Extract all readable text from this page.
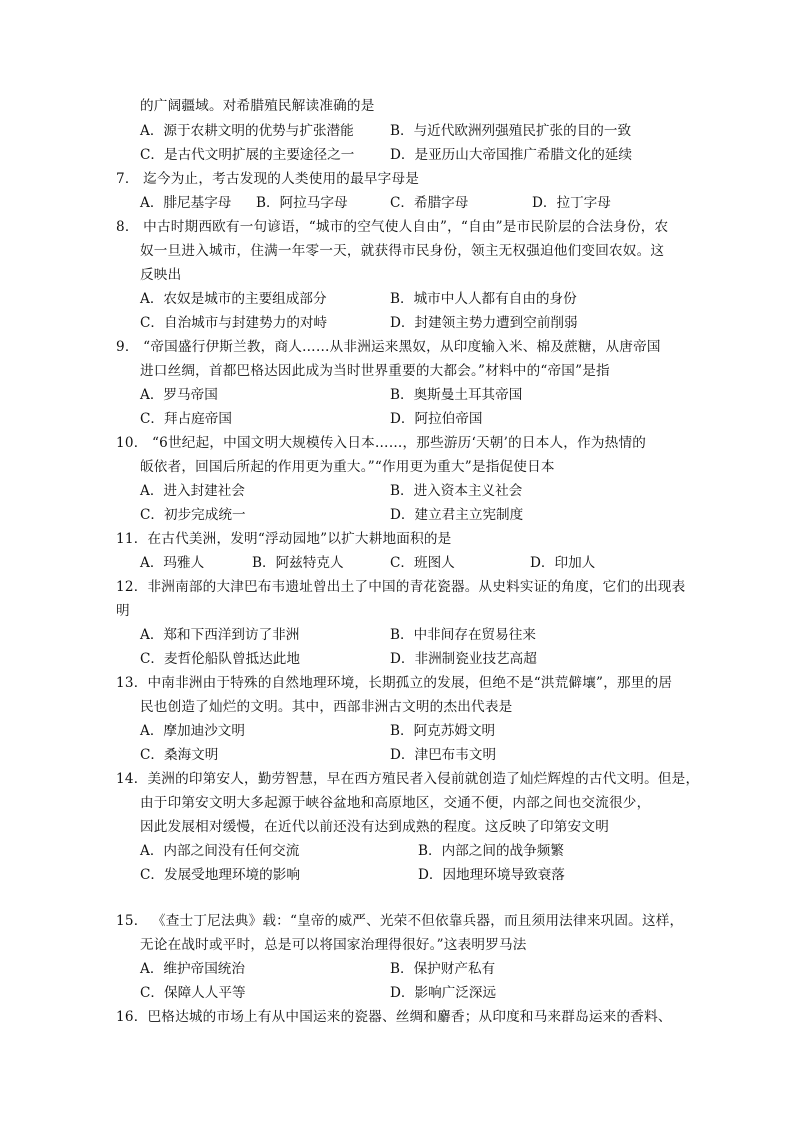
的广阔疆域。对希腊殖民解读准确的是
A．源于农耕文明的优势与扩张潜能	B．与近代欧洲列强殖民扩张的目的一致
C．是古代文明扩展的主要途径之一	D．是亚历山大帝国推广希腊文化的延续
7． 迄今为止，考古发现的人类使用的最早字母是
A．腓尼基字母 B．阿拉马字母	C．希腊字母	D．拉丁字母
8． 中古时期西欧有一句谚语，“城市的空气使人自由”，“自由”是市民阶层的合法身份，农
奴一旦进入城市，住满一年零一天，就获得市民身份，领主无权强迫他们变回农奴。这
反映出
A．农奴是城市的主要组成部分	B．城市中人人都有自由的身份
C．自治城市与封建势力的对峙	D．封建领主势力遭到空前削弱
9． “帝国盛行伊斯兰教，商人……从非洲运来黑奴，从印度输入米、棉及蔗糖，从唐帝国
进口丝绸，首都巴格达因此成为当时世界重要的大都会。”材料中的“帝国”是指
A．罗马帝国	B．奥斯曼土耳其帝国
C．拜占庭帝国	D．阿拉伯帝国
10． “6世纪起，中国文明大规模传入日本……，那些游历‘天朝’的日本人，作为热情的
皈依者，回国后所起的作用更为重大。”“作用更为重大”是指促使日本
A．进入封建社会	B．进入资本主义社会
C．初步完成统一	D．建立君主立宪制度
11．在古代美洲，发明“浮动园地”以扩大耕地面积的是
A．玛雅人	B．阿兹特克人	C．班图人	D．印加人
12．非洲南部的大津巴布韦遗址曾出土了中国的青花瓷器。从史料实证的角度，它们的出现表
明
A．郑和下西洋到访了非洲	B．中非间存在贸易往来
C．麦哲伦船队曾抵达此地	D．非洲制瓷业技艺高超
13．中南非洲由于特殊的自然地理环境，长期孤立的发展，但绝不是“洪荒僻壤”，那里的居
民也创造了灿烂的文明。其中，西部非洲古文明的杰出代表是
A．摩加迪沙文明	B．阿克苏姆文明
C．桑海文明	D．津巴布韦文明
14．美洲的印第安人，勤劳智慧，早在西方殖民者入侵前就创造了灿烂辉煌的古代文明。但是，
由于印第安文明大多起源于峡谷盆地和高原地区，交通不便，内部之间也交流很少，
因此发展相对缓慢，在近代以前还没有达到成熟的程度。这反映了印第安文明
A．内部之间没有任何交流	B．内部之间的战争频繁
C．发展受地理环境的影响	D．因地理环境导致衰落
15． 《查士丁尼法典》载：“皇帝的威严、光荣不但依靠兵器，而且须用法律来巩固。这样，
无论在战时或平时，总是可以将国家治理得很好。”这表明罗马法
A．维护帝国统治	B．保护财产私有
C．保障人人平等	D．影响广泛深远
16．巴格达城的市场上有从中国运来的瓷器、丝绸和麝香；从印度和马来群岛运来的香料、
